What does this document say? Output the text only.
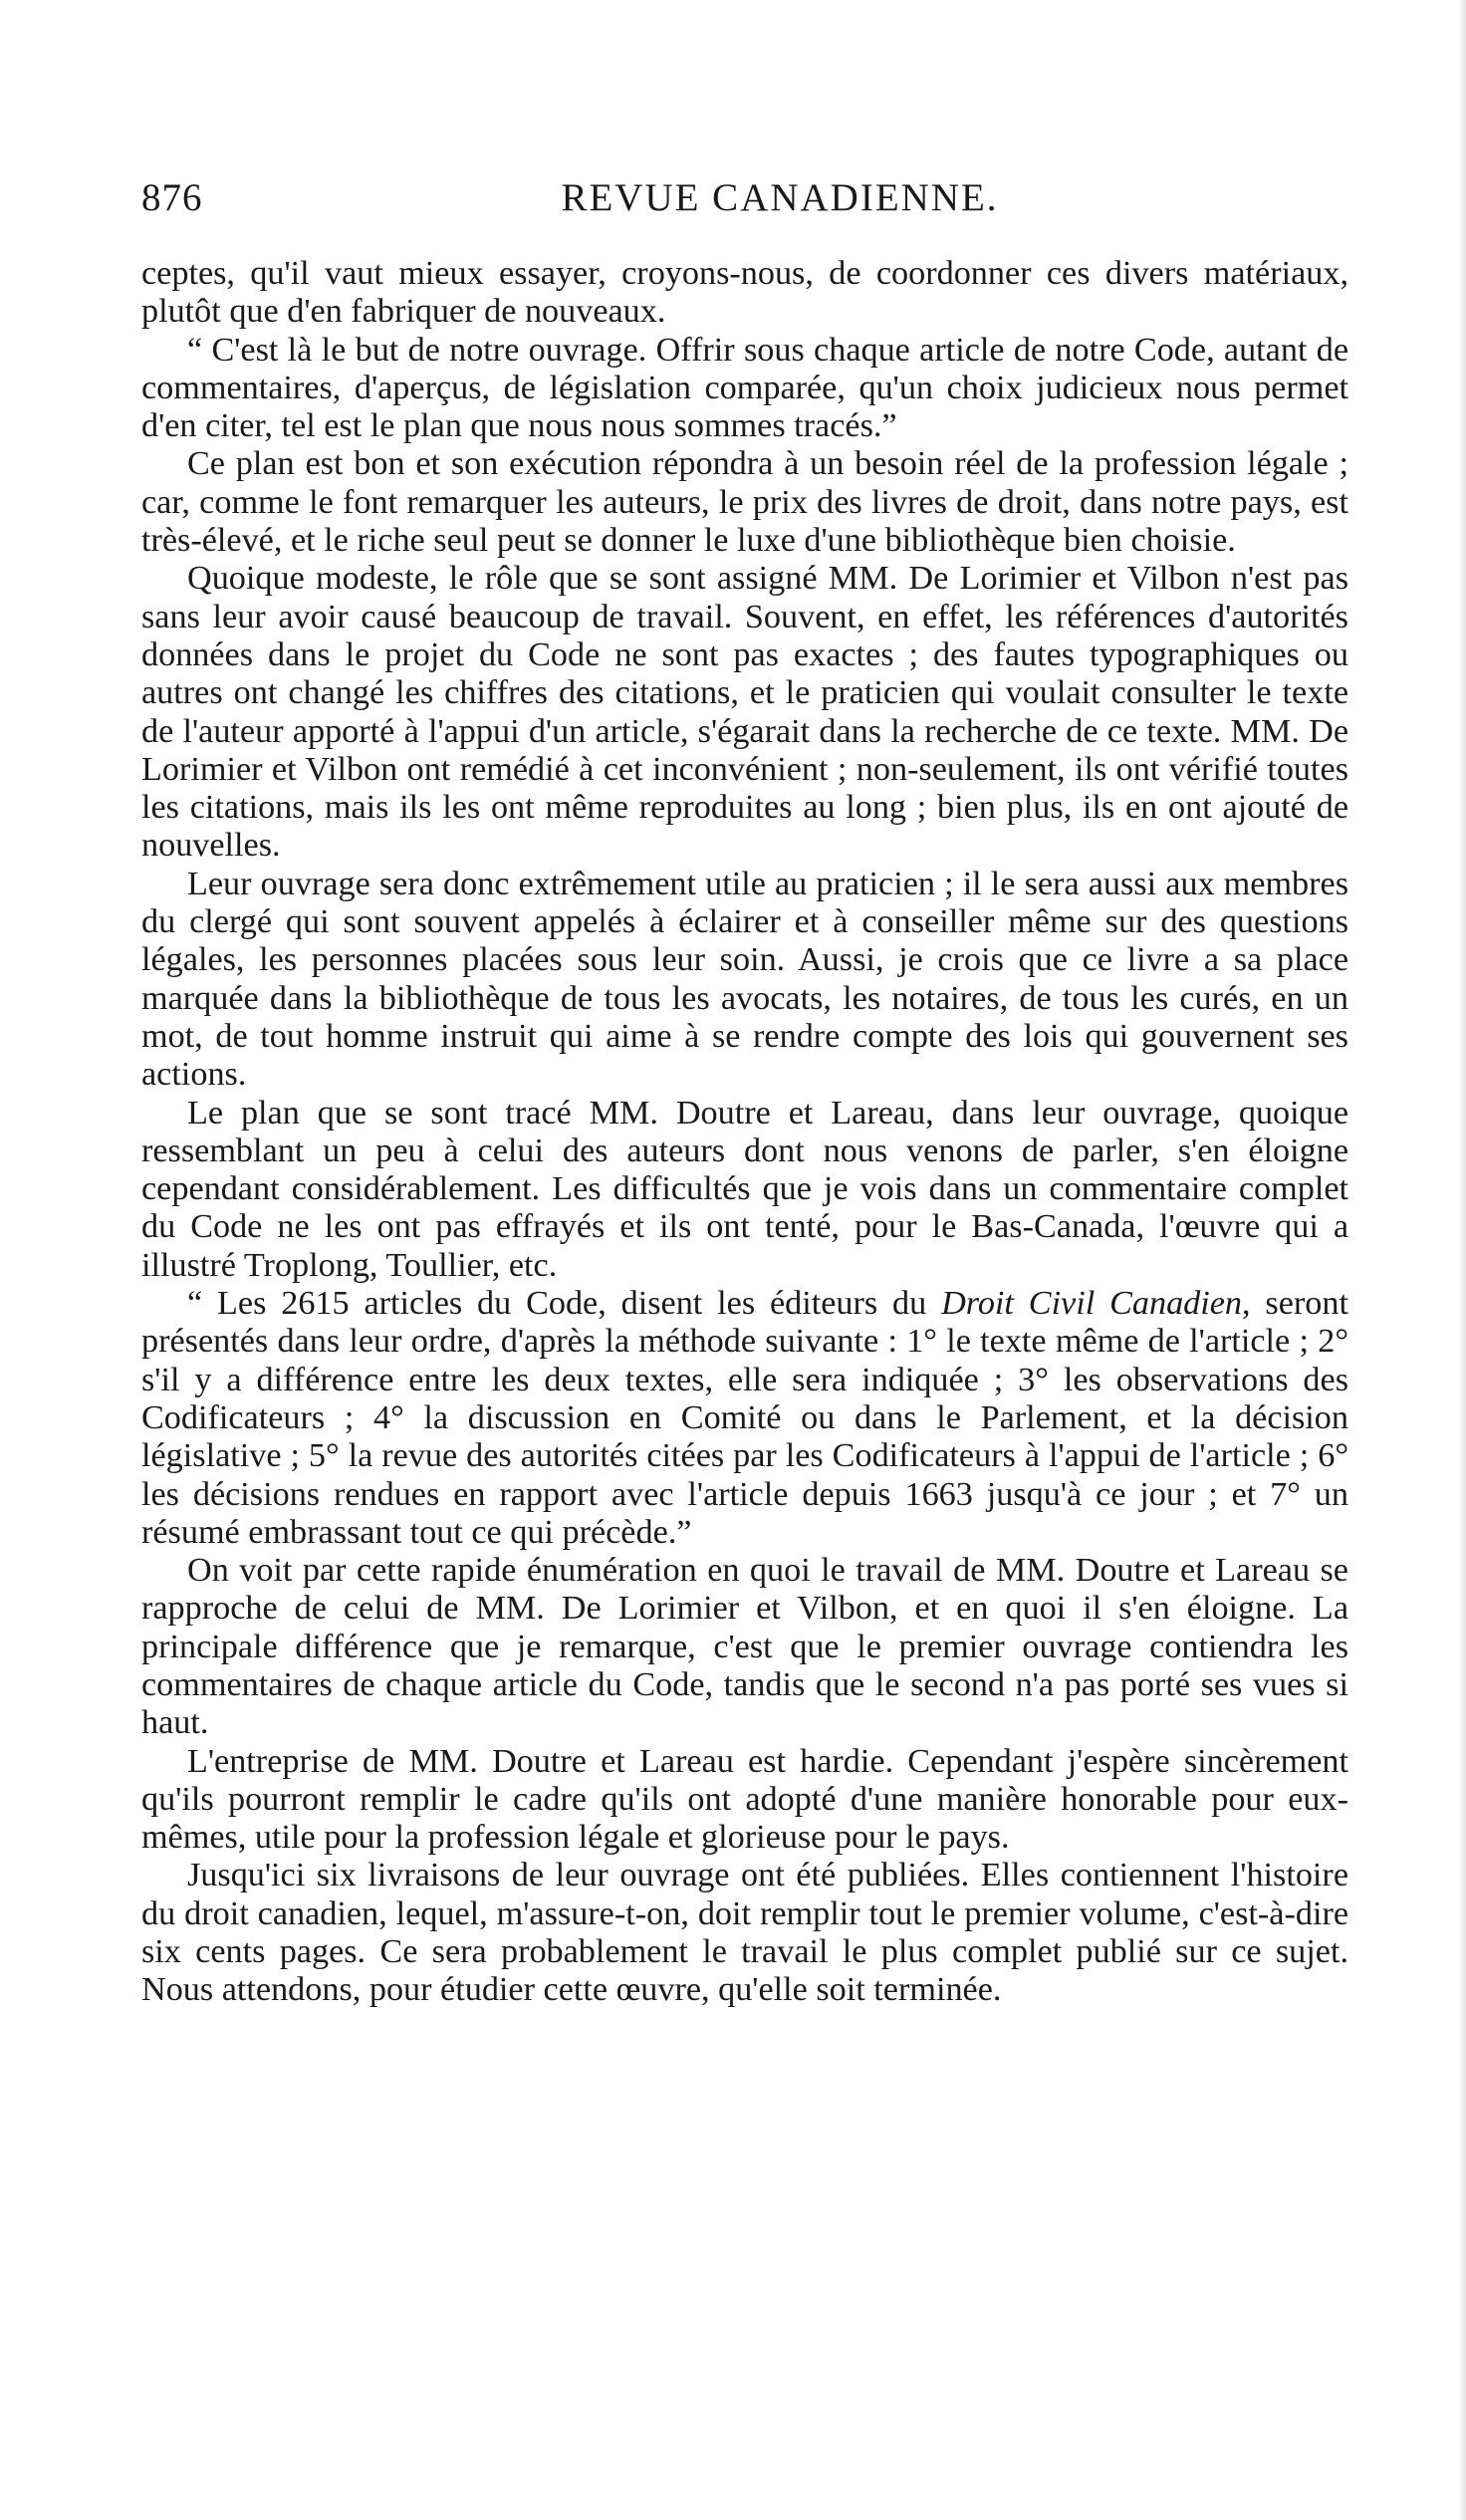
876	REVUE CANADIENNE.

ceptes, qu'il vaut mieux essayer, croyons-nous, de coordonner ces divers matériaux, plutôt que d'en fabriquer de nouveaux.

“ C'est là le but de notre ouvrage. Offrir sous chaque article de notre Code, autant de commentaires, d'aperçus, de législation comparée, qu'un choix judicieux nous permet d'en citer, tel est le plan que nous nous sommes tracés.”

Ce plan est bon et son exécution répondra à un besoin réel de la profession légale ; car, comme le font remarquer les auteurs, le prix des livres de droit, dans notre pays, est très-élevé, et le riche seul peut se donner le luxe d'une bibliothèque bien choisie.

Quoique modeste, le rôle que se sont assigné MM. De Lorimier et Vilbon n'est pas sans leur avoir causé beaucoup de travail. Souvent, en effet, les références d'autorités données dans le projet du Code ne sont pas exactes ; des fautes typographiques ou autres ont changé les chiffres des citations, et le praticien qui voulait consulter le texte de l'auteur apporté à l'appui d'un article, s'égarait dans la recherche de ce texte. MM. De Lorimier et Vilbon ont remédié à cet inconvénient ; non-seulement, ils ont vérifié toutes les citations, mais ils les ont même reproduites au long ; bien plus, ils en ont ajouté de nouvelles.

Leur ouvrage sera donc extrêmement utile au praticien ; il le sera aussi aux membres du clergé qui sont souvent appelés à éclairer et à conseiller même sur des questions légales, les personnes placées sous leur soin. Aussi, je crois que ce livre a sa place marquée dans la bibliothèque de tous les avocats, les notaires, de tous les curés, en un mot, de tout homme instruit qui aime à se rendre compte des lois qui gouvernent ses actions.

Le plan que se sont tracé MM. Doutre et Lareau, dans leur ouvrage, quoique ressemblant un peu à celui des auteurs dont nous venons de parler, s'en éloigne cependant considérablement. Les difficultés que je vois dans un commentaire complet du Code ne les ont pas effrayés et ils ont tenté, pour le Bas-Canada, l'œuvre qui a illustré Troplong, Toullier, etc.

“ Les 2615 articles du Code, disent les éditeurs du Droit Civil Canadien, seront présentés dans leur ordre, d'après la méthode suivante : 1° le texte même de l'article ; 2° s'il y a différence entre les deux textes, elle sera indiquée ; 3° les observations des Codificateurs ; 4° la discussion en Comité ou dans le Parlement, et la décision législative ; 5° la revue des autorités citées par les Codificateurs à l'appui de l'article ; 6° les décisions rendues en rapport avec l'article depuis 1663 jusqu'à ce jour ; et 7° un résumé embrassant tout ce qui précède.”

On voit par cette rapide énumération en quoi le travail de MM. Doutre et Lareau se rapproche de celui de MM. De Lorimier et Vilbon, et en quoi il s'en éloigne. La principale différence que je remarque, c'est que le premier ouvrage contiendra les commentaires de chaque article du Code, tandis que le second n'a pas porté ses vues si haut.

L'entreprise de MM. Doutre et Lareau est hardie. Cependant j'espère sincèrement qu'ils pourront remplir le cadre qu'ils ont adopté d'une manière honorable pour eux-mêmes, utile pour la profession légale et glorieuse pour le pays.

Jusqu'ici six livraisons de leur ouvrage ont été publiées. Elles contiennent l'histoire du droit canadien, lequel, m'assure-t-on, doit remplir tout le premier volume, c'est-à-dire six cents pages. Ce sera probablement le travail le plus complet publié sur ce sujet. Nous attendons, pour étudier cette œuvre, qu'elle soit terminée.
